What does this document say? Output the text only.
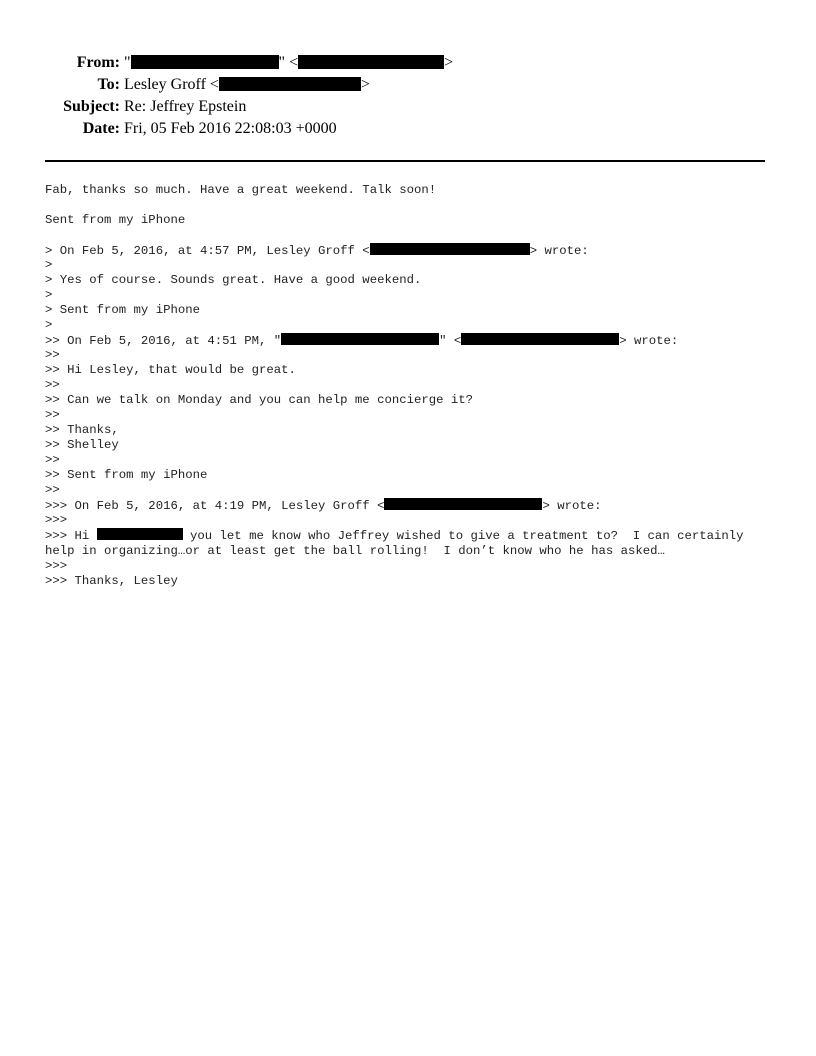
From: "	" <	>
To: Lesley Groff <	>
Subject: Re: Jeffrey Epstein
Date: Fri, 05 Feb 2016 22:08:03 +0000
Fab, thanks so much. Have a great weekend. Talk soon!
Sent from my iPhone
> On Feb 5, 2016, at 4:57 PM, Lesley Groff <	> wrote:
>
> Yes of course. Sounds great. Have a good weekend.
>
> Sent from my iPhone
>
>> On Feb 5, 2016, at 4:51 PM, "	" <	> wrote:
>>
>> Hi Lesley, that would be great.
>>
>> Can we talk on Monday and you can help me concierge it?
>>
>> Thanks,
>> Shelley
>>
>> Sent from my iPhone
>>
>>> On Feb 5, 2016, at 4:19 PM, Lesley Groff <	> wrote:
>>>
>>> Hi	you let me know who Jeffrey wished to give a treatment to?  I can certainly help in organizing…or at least get the ball rolling!  I don’t know who he has asked…
>>>
>>> Thanks, Lesley
